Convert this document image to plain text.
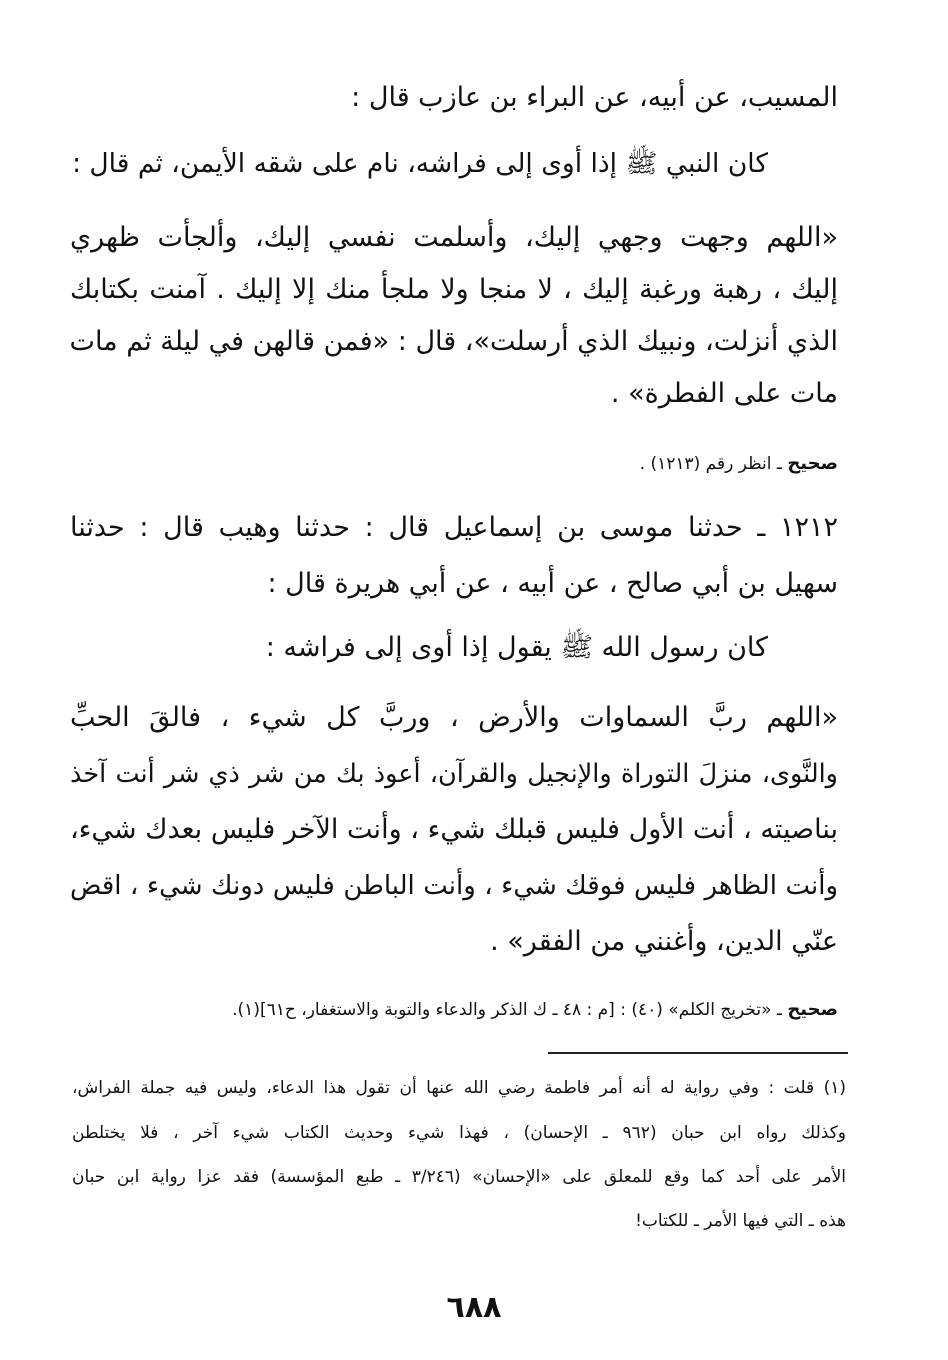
المسيب، عن أبيه، عن البراء بن عازب قال :
كان النبي ﷺ إذا أوى إلى فراشه، نام على شقه الأيمن، ثم قال :
«اللهم وجهت وجهي إليك، وأسلمت نفسي إليك، وألجأت ظهري
إليك ، رهبة ورغبة إليك ، لا منجا ولا ملجأ منك إلا إليك . آمنت بكتابك
الذي أنزلت، ونبيك الذي أرسلت»، قال : «فمن قالهن في ليلة ثم مات
مات على الفطرة» .
صحيح ـ انظر رقم (١٢١٣) .
١٢١٢ ـ حدثنا موسى بن إسماعيل قال : حدثنا وهيب قال : حدثنا
سهيل بن أبي صالح ، عن أبيه ، عن أبي هريرة قال :
كان رسول الله ﷺ يقول إذا أوى إلى فراشه :
«اللهم ربَّ السماوات والأرض ، وربَّ كل شيء ، فالقَ الحبِّ
والنَّوى، منزلَ التوراة والإنجيل والقرآن، أعوذ بك من شر ذي شر أنت آخذ
بناصيته ، أنت الأول فليس قبلك شيء ، وأنت الآخر فليس بعدك شيء،
وأنت الظاهر فليس فوقك شيء ، وأنت الباطن فليس دونك شيء ، اقض
عنّي الدين، وأغنني من الفقر» .
صحيح ـ «تخريج الكلم» (٤٠) : [م : ٤٨ ـ ك الذكر والدعاء والتوبة والاستغفار، ح٦١](١).
(١) قلت : وفي رواية له أنه أمر فاطمة رضي الله عنها أن تقول هذا الدعاء، وليس فيه جملة الفراش،
وكذلك رواه ابن حبان (٩٦٢ ـ الإحسان) ، فهذا شيء وحديث الكتاب شيء آخر ، فلا يختلطن
الأمر على أحد كما وقع للمعلق على «الإحسان» (٣/٢٤٦ ـ طبع المؤسسة) فقد عزا رواية ابن حبان
هذه ـ التي فيها الأمر ـ للكتاب!
٦٨٨
